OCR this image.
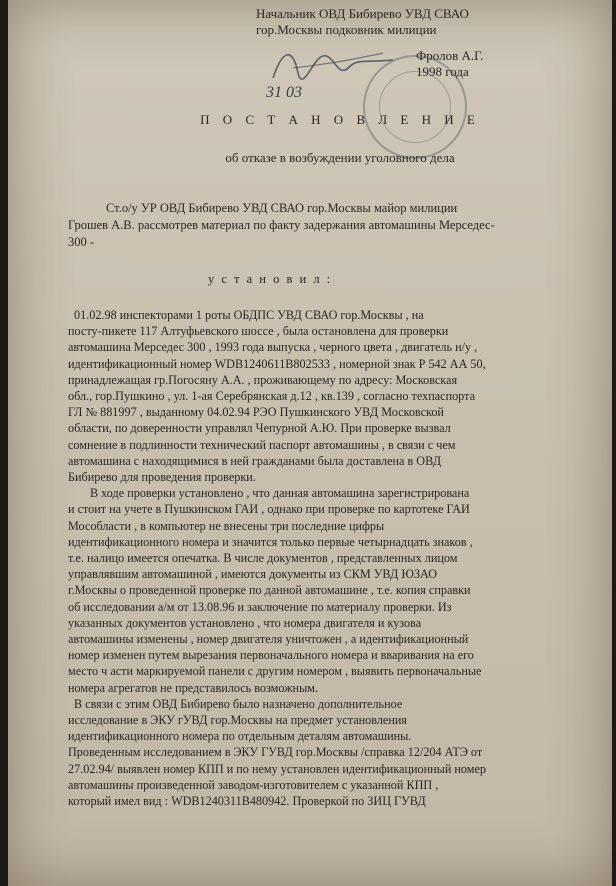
Начальник ОВД Бибирево УВД СВАО
гор.Москвы подковник милиции
Фролов А.Г.
1998 года
31 03
П О С Т А Н О В Л Е Н И Е
об отказе в возбуждении уголовного дела
Ст.о/у УР ОВД Бибирево УВД СВАО гор.Москвы майор милиции
Грошев А.В. рассмотрев материал по факту задержания автомашины Мерседес-
300 -
у с т а н о в и л :
01.02.98 инспекторами 1 роты ОБДПС УВД СВАО гор.Москвы , на
посту-пикете 117 Алтуфьевского шоссе , была остановлена для проверки
автомашина Мерседес 300 , 1993 года выпуска , черного цвета , двигатель н/у ,
идентификационный номер WDB1240611B802533 , номерной знак Р 542 АА 50,
принадлежащая гр.Погосяну А.А. , проживающему по адресу: Московская
обл., гор.Пушкино , ул. 1-ая Серебрянская д.12 , кв.139 , согласно техпаспорта
ГЛ № 881997 , выданному 04.02.94 РЭО Пушкинского УВД Московской
области, по доверенности управлял Чепурной А.Ю. При проверке вызвал
сомнение в подлинности технический паспорт автомашины , в связи с чем
автомашина с находящимися в ней гражданами была доставлена в ОВД
Бибирево для проведения проверки.
В ходе проверки установлено , что данная автомашина зарегистрирована
и стоит на учете в Пушкинском ГАИ , однако при проверке по картотеке ГАИ
Мособласти , в компьютер не внесены три последние цифры
идентификационного номера и значится только первые четырнадцать знаков ,
т.е. налицо имеется опечатка. В числе документов , представленных лицом
управлявшим автомашиной , имеются документы из СКМ УВД ЮЗАО
г.Москвы о проведенной проверке по данной автомашине , т.е. копия справки
об исследовании а/м от 13.08.96 и заключение по материалу проверки. Из
указанных документов установлено , что номера двигателя и кузова
автомашины изменены , номер двигателя уничтожен , а идентификационный
номер изменен путем вырезания первоначального номера и вваривания на его
место ч асти маркируемой панели с другим номером , выявить первоначальные
номера агрегатов не представилось возможным.
В связи с этим ОВД Бибирево было назначено дополнительное
исследование в ЭКУ гУВД гор.Москвы на предмет установления
идентификационного номера по отдельным деталям автомашины.
Проведенным исследованием в ЭКУ ГУВД гор.Москвы /справка 12/204 АТЭ от
27.02.94/ выявлен номер КПП и по нему установлен идентификационный номер
автомашины произведенной заводом-изготовителем с указанной КПП ,
который имел вид : WDB1240311B480942. Проверкой по ЗИЦ ГУВД
